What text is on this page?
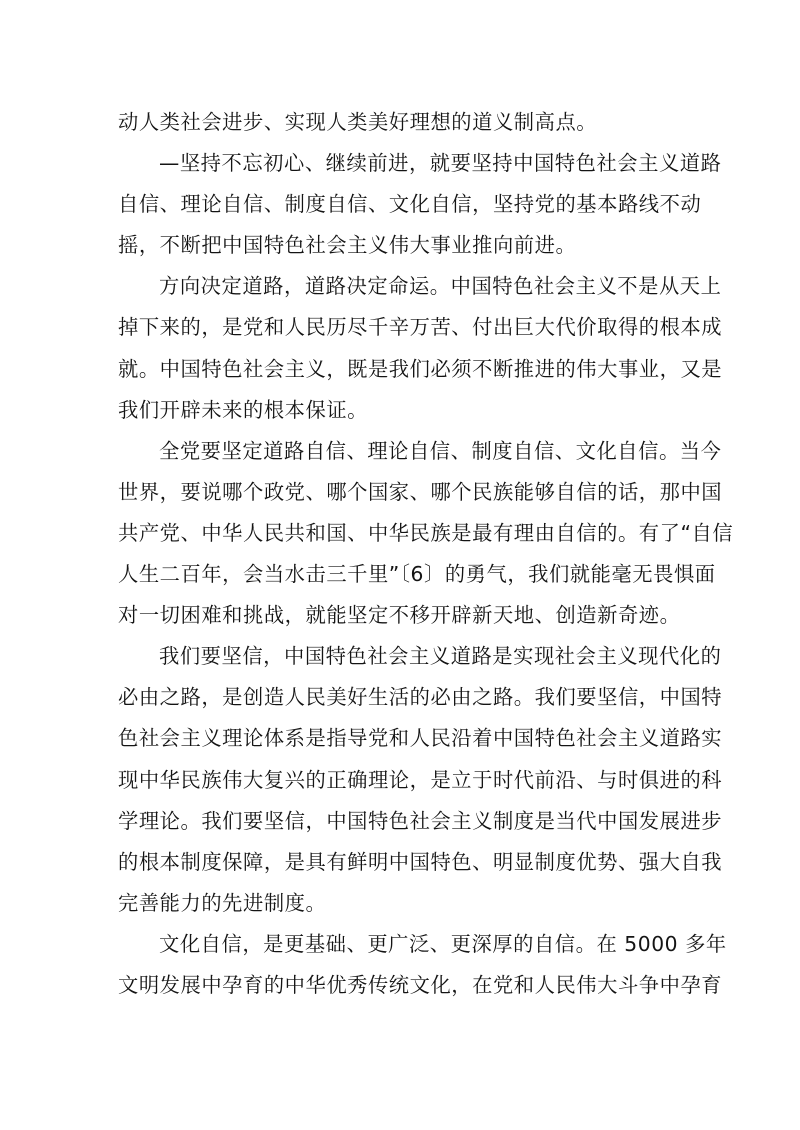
动人类社会进步、实现人类美好理想的道义制高点。
—坚持不忘初心、继续前进，就要坚持中国特色社会主义道路
自信、理论自信、制度自信、文化自信，坚持党的基本路线不动
摇，不断把中国特色社会主义伟大事业推向前进。
方向决定道路，道路决定命运。中国特色社会主义不是从天上
掉下来的，是党和人民历尽千辛万苦、付出巨大代价取得的根本成
就。中国特色社会主义，既是我们必须不断推进的伟大事业，又是
我们开辟未来的根本保证。
全党要坚定道路自信、理论自信、制度自信、文化自信。当今
世界，要说哪个政党、哪个国家、哪个民族能够自信的话，那中国
共产党、中华人民共和国、中华民族是最有理由自信的。有了“自信
人生二百年，会当水击三千里”〔6〕的勇气，我们就能毫无畏惧面
对一切困难和挑战，就能坚定不移开辟新天地、创造新奇迹。
我们要坚信，中国特色社会主义道路是实现社会主义现代化的
必由之路，是创造人民美好生活的必由之路。我们要坚信，中国特
色社会主义理论体系是指导党和人民沿着中国特色社会主义道路实
现中华民族伟大复兴的正确理论，是立于时代前沿、与时俱进的科
学理论。我们要坚信，中国特色社会主义制度是当代中国发展进步
的根本制度保障，是具有鲜明中国特色、明显制度优势、强大自我
完善能力的先进制度。
文化自信，是更基础、更广泛、更深厚的自信。在 5000 多年
文明发展中孕育的中华优秀传统文化，在党和人民伟大斗争中孕育
